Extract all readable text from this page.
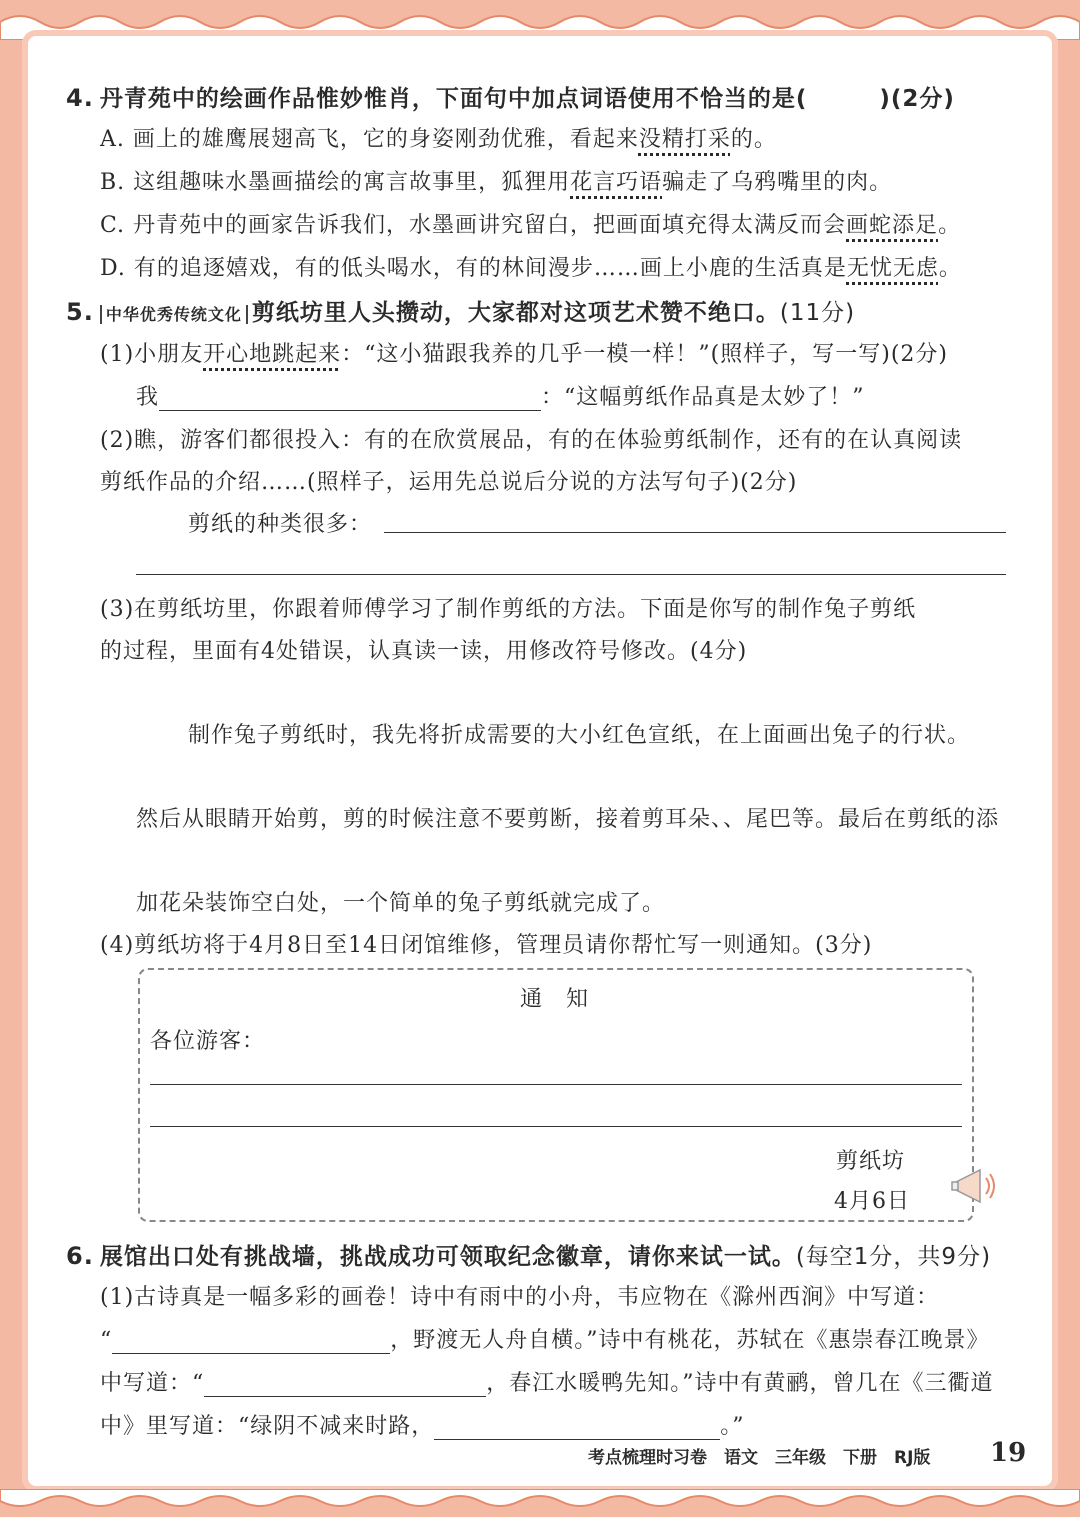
4. 丹青苑中的绘画作品惟妙惟肖，下面句中加点词语使用不恰当的是(　　　)(2分)
A. 画上的雄鹰展翅高飞，它的身姿刚劲优雅，看起来没精打采的。
B. 这组趣味水墨画描绘的寓言故事里，狐狸用花言巧语骗走了乌鸦嘴里的肉。
C. 丹青苑中的画家告诉我们，水墨画讲究留白，把画面填充得太满反而会画蛇添足。
D. 有的追逐嬉戏，有的低头喝水，有的林间漫步……画上小鹿的生活真是无忧无虑。
5. 中华优秀传统文化 剪纸坊里人头攒动，大家都对这项艺术赞不绝口。(11分)
(1)小朋友开心地跳起来：“这小猫跟我养的几乎一模一样！”(照样子，写一写)(2分)
我	：“这幅剪纸作品真是太妙了！”
(2)瞧，游客们都很投入：有的在欣赏展品，有的在体验剪纸制作，还有的在认真阅读
剪纸作品的介绍……(照样子，运用先总说后分说的方法写句子)(2分)
剪纸的种类很多：
(3)在剪纸坊里，你跟着师傅学习了制作剪纸的方法。下面是你写的制作兔子剪纸
的过程，里面有4处错误，认真读一读，用修改符号修改。(4分)
制作兔子剪纸时，我先将折成需要的大小红色宣纸，在上面画出兔子的行状。
然后从眼睛开始剪，剪的时候注意不要剪断，接着剪耳朵、、尾巴等。最后在剪纸的添
加花朵装饰空白处，一个简单的兔子剪纸就完成了。
(4)剪纸坊将于4月8日至14日闭馆维修，管理员请你帮忙写一则通知。(3分)
通　知
各位游客：
剪纸坊
4月6日
6. 展馆出口处有挑战墙，挑战成功可领取纪念徽章，请你来试一试。(每空1分，共9分)
(1)古诗真是一幅多彩的画卷！诗中有雨中的小舟，韦应物在《滁州西涧》中写道：
“	，野渡无人舟自横。”诗中有桃花，苏轼在《惠崇春江晚景》
中写道：“	，春江水暖鸭先知。”诗中有黄鹂，曾几在《三衢道
中》里写道：“绿阴不减来时路，	。”
考点梳理时习卷　语文　三年级　下册　RJ版 19
